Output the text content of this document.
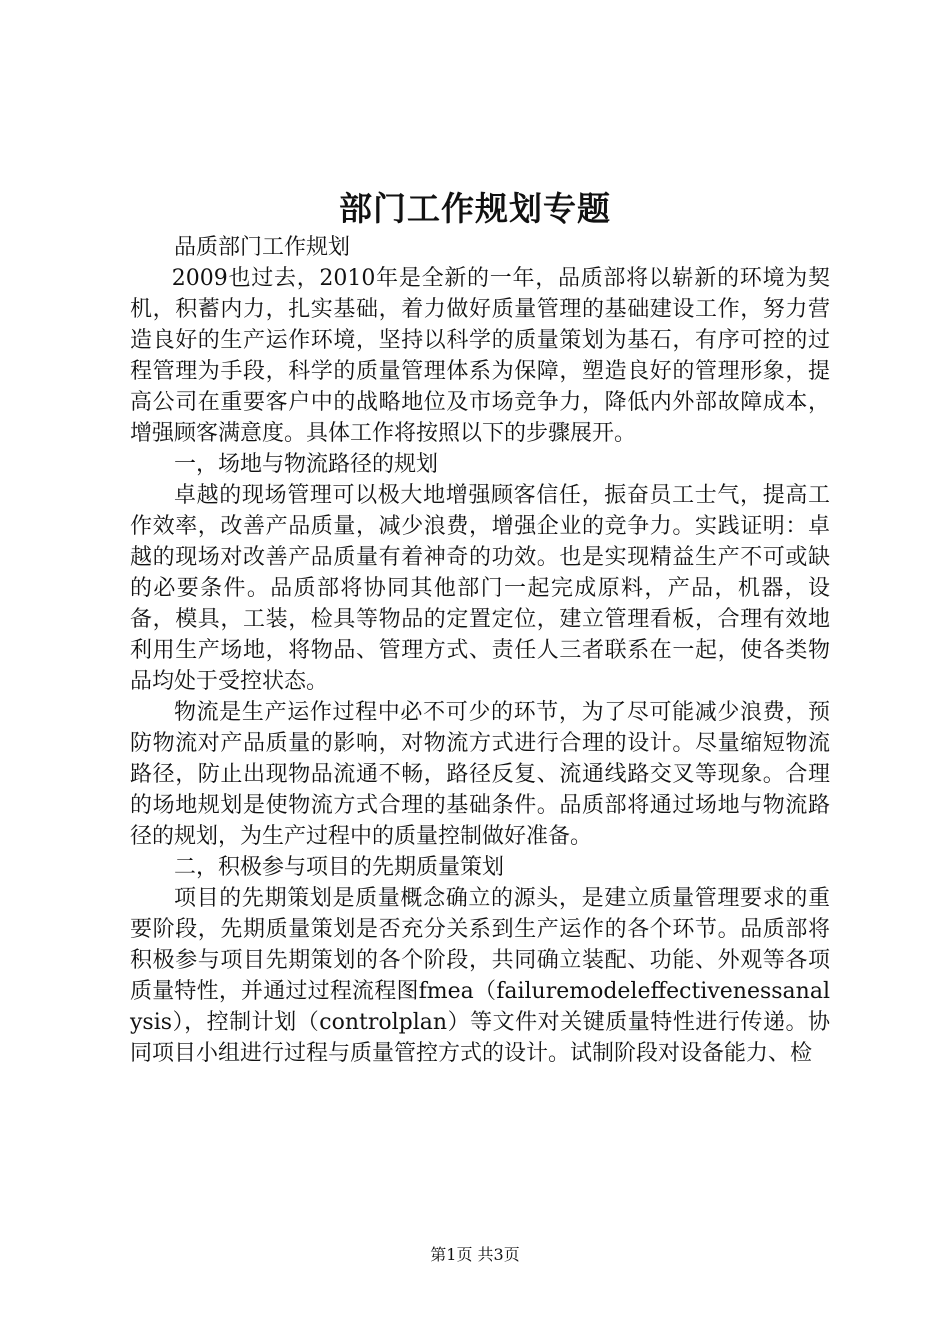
部门工作规划专题

品质部门工作规划

2009也过去，2010年是全新的一年，品质部将以崭新的环境为契机，积蓄内力，扎实基础，着力做好质量管理的基础建设工作，努力营造良好的生产运作环境，坚持以科学的质量策划为基石，有序可控的过程管理为手段，科学的质量管理体系为保障，塑造良好的管理形象，提高公司在重要客户中的战略地位及市场竞争力，降低内外部故障成本，增强顾客满意度。具体工作将按照以下的步骤展开。

一，场地与物流路径的规划

卓越的现场管理可以极大地增强顾客信任，振奋员工士气，提高工作效率，改善产品质量，减少浪费，增强企业的竞争力。实践证明：卓越的现场对改善产品质量有着神奇的功效。也是实现精益生产不可或缺的必要条件。品质部将协同其他部门一起完成原料，产品，机器，设备，模具，工装，检具等物品的定置定位，建立管理看板，合理有效地利用生产场地，将物品、管理方式、责任人三者联系在一起，使各类物品均处于受控状态。

物流是生产运作过程中必不可少的环节，为了尽可能减少浪费，预防物流对产品质量的影响，对物流方式进行合理的设计。尽量缩短物流路径，防止出现物品流通不畅，路径反复、流通线路交叉等现象。合理的场地规划是使物流方式合理的基础条件。品质部将通过场地与物流路径的规划，为生产过程中的质量控制做好准备。

二，积极参与项目的先期质量策划

项目的先期策划是质量概念确立的源头，是建立质量管理要求的重要阶段，先期质量策划是否充分关系到生产运作的各个环节。品质部将积极参与项目先期策划的各个阶段，共同确立装配、功能、外观等各项质量特性，并通过过程流程图fmea（failuremodeleffectivenessanalysis），控制计划（controlplan）等文件对关键质量特性进行传递。协同项目小组进行过程与质量管控方式的设计。试制阶段对设备能力、检

第1页 共3页
